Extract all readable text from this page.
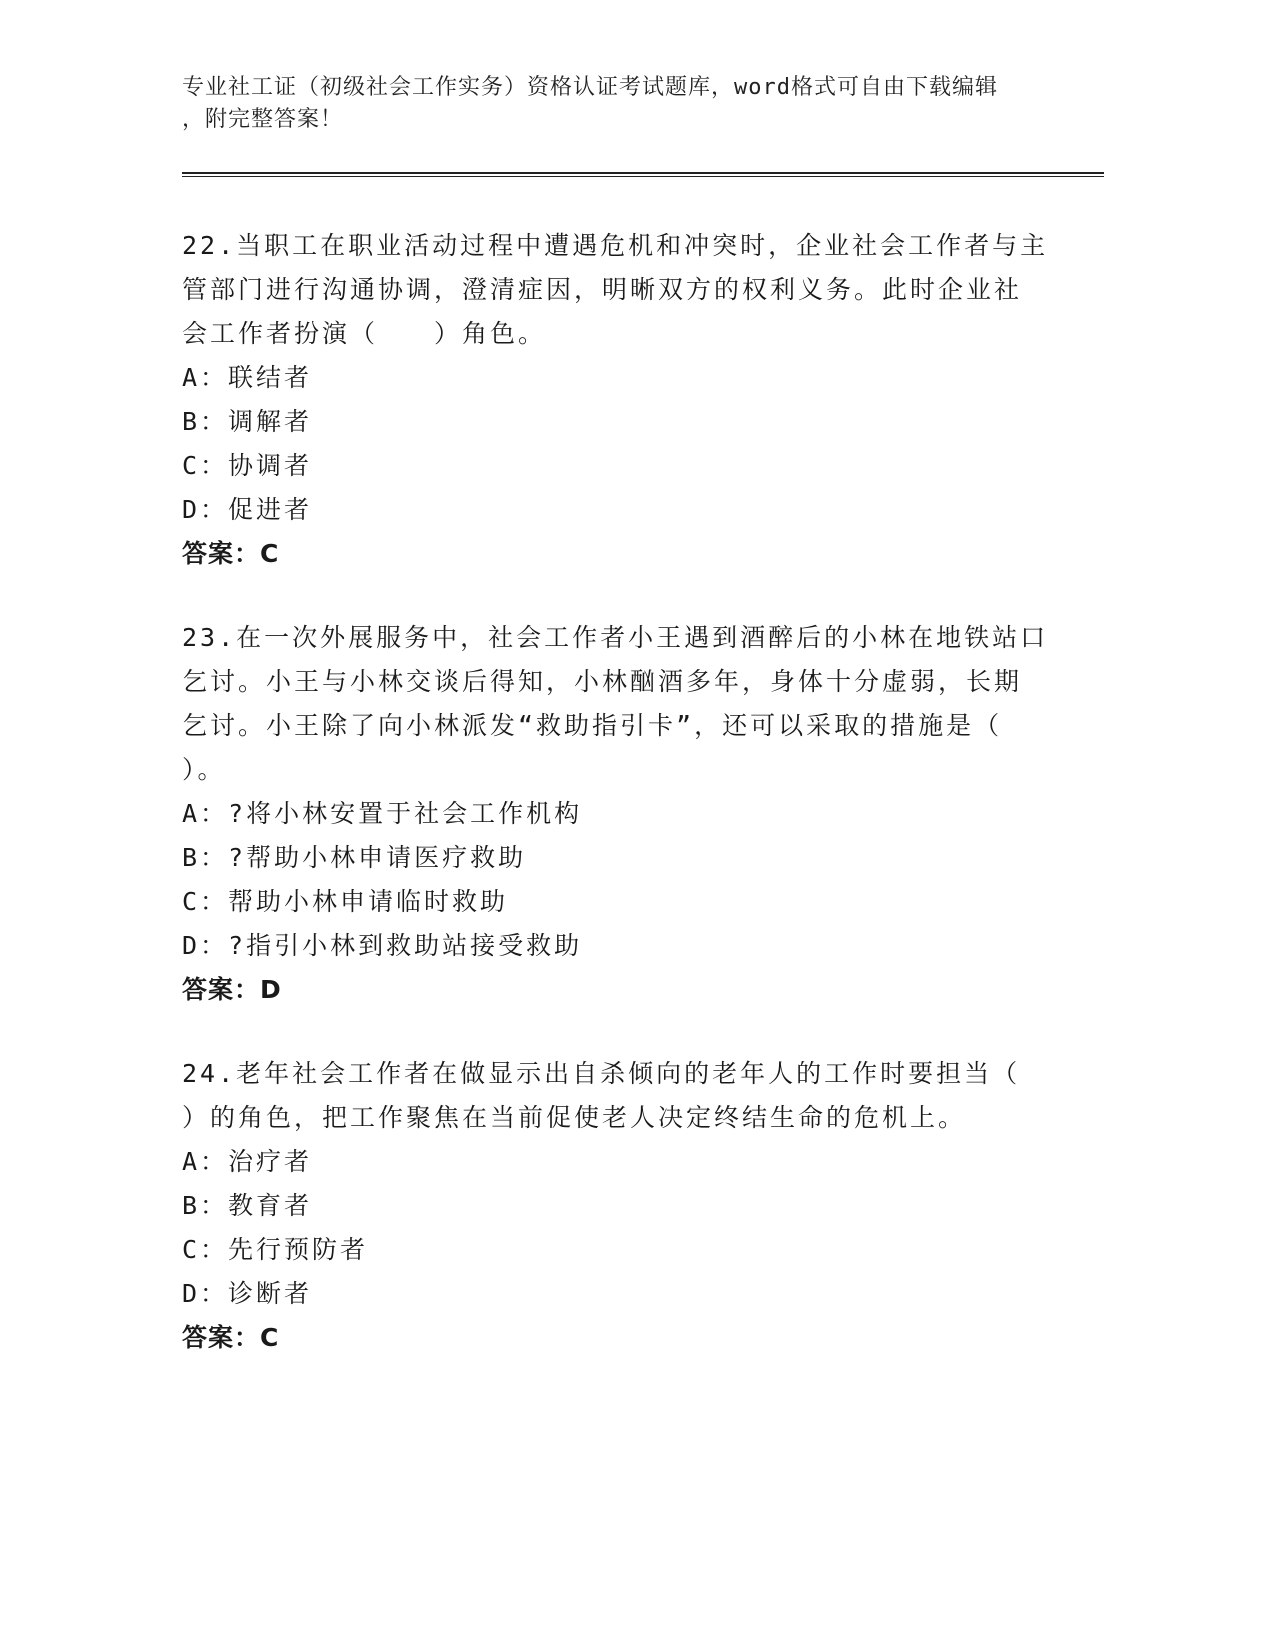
专业社工证（初级社会工作实务）资格认证考试题库，word格式可自由下载编辑

，附完整答案！

22.当职工在职业活动过程中遭遇危机和冲突时，企业社会工作者与主

管部门进行沟通协调，澄清症因，明晰双方的权利义务。此时企业社

会工作者扮演（　　）角色。

A：联结者

B：调解者

C：协调者

D：促进者

答案：C

23.在一次外展服务中，社会工作者小王遇到酒醉后的小林在地铁站口

乞讨。小王与小林交谈后得知，小林酗酒多年，身体十分虚弱，长期

乞讨。小王除了向小林派发“救助指引卡”，还可以采取的措施是（

）。

A：?将小林安置于社会工作机构

B：?帮助小林申请医疗救助

C：帮助小林申请临时救助

D：?指引小林到救助站接受救助

答案：D

24.老年社会工作者在做显示出自杀倾向的老年人的工作时要担当（

）的角色，把工作聚焦在当前促使老人决定终结生命的危机上。

A：治疗者

B：教育者

C：先行预防者

D：诊断者

答案：C
